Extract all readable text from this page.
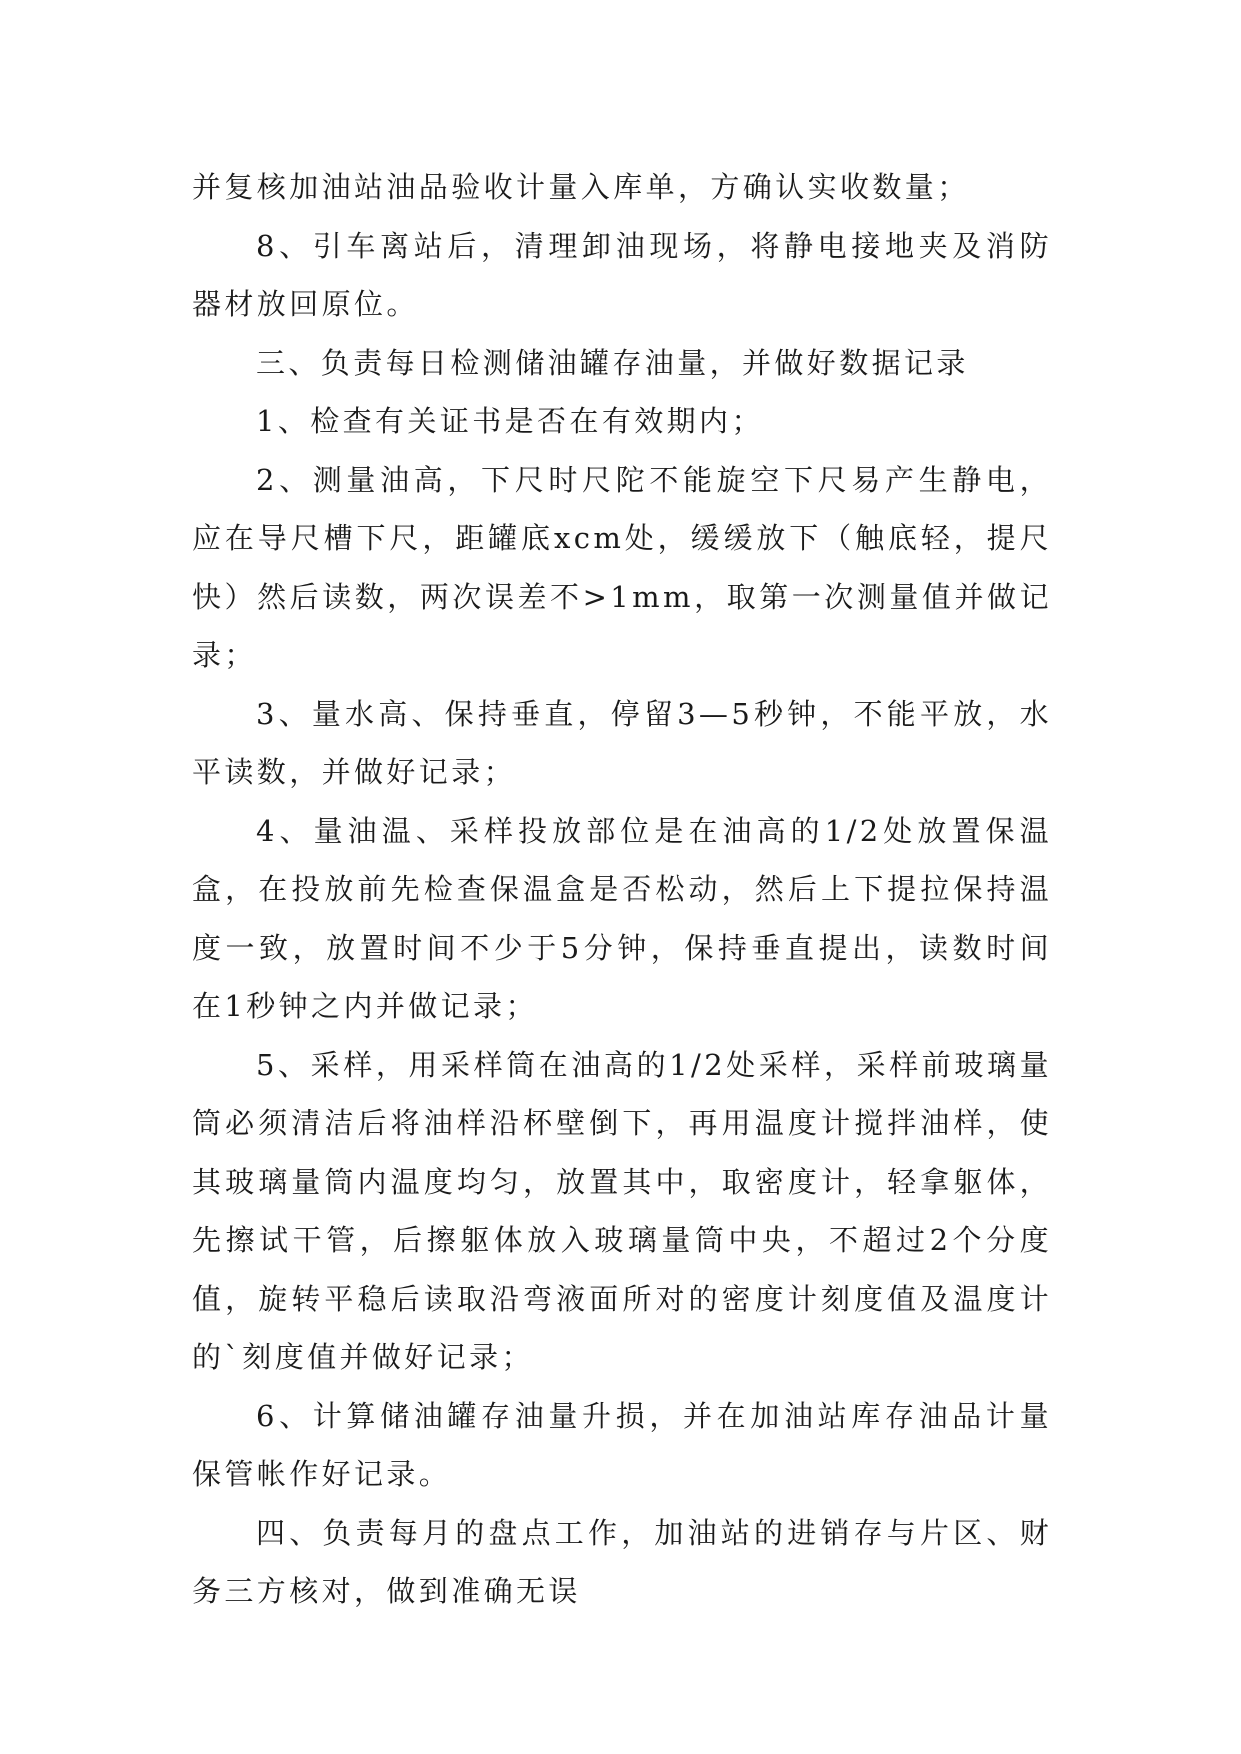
并复核加油站油品验收计量入库单，方确认实收数量；

8、引车离站后，清理卸油现场，将静电接地夹及消防器材放回原位。

三、负责每日检测储油罐存油量，并做好数据记录

1、检查有关证书是否在有效期内；

2、测量油高，下尺时尺陀不能旋空下尺易产生静电，应在导尺槽下尺，距罐底xcm处，缓缓放下（触底轻，提尺快）然后读数，两次误差不>1mm，取第一次测量值并做记录；

3、量水高、保持垂直，停留3—5秒钟，不能平放，水平读数，并做好记录；

4、量油温、采样投放部位是在油高的1/2处放置保温盒，在投放前先检查保温盒是否松动，然后上下提拉保持温度一致，放置时间不少于5分钟，保持垂直提出，读数时间在1秒钟之内并做记录；

5、采样，用采样筒在油高的1/2处采样，采样前玻璃量筒必须清洁后将油样沿杯壁倒下，再用温度计搅拌油样，使其玻璃量筒内温度均匀，放置其中，取密度计，轻拿躯体，先擦试干管，后擦躯体放入玻璃量筒中央，不超过2个分度值，旋转平稳后读取沿弯液面所对的密度计刻度值及温度计的`刻度值并做好记录；

6、计算储油罐存油量升损，并在加油站库存油品计量保管帐作好记录。

四、负责每月的盘点工作，加油站的进销存与片区、财务三方核对，做到准确无误
